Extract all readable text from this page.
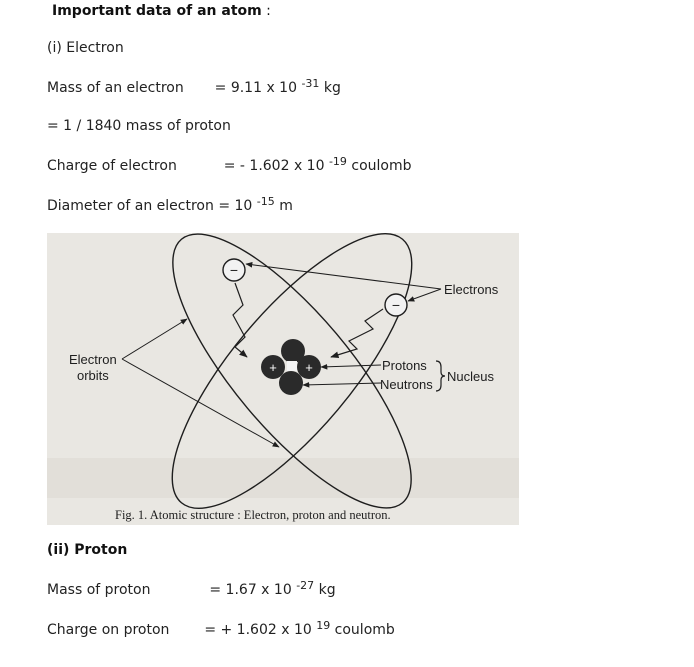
Important data of an atom :
(i) Electron
Mass of an electron = 9.11 x 10 $^{-31}$ kg
= 1 / 1840 mass of proton
Charge of electron	= - 1.602 x 10 $^{-19}$ coulomb
Diameter of an electron = 10 $^{-15}$ m
+ +
−
−
Electrons
Electron
orbits
Protons
Neutrons
Nucleus
Fig. 1. Atomic structure : Electron, proton and neutron.
(ii) Proton
Mass of proton	= 1.67 x 10 $^{-27}$ kg
Charge on proton = + 1.602 x 10 $^{19}$ coulomb
